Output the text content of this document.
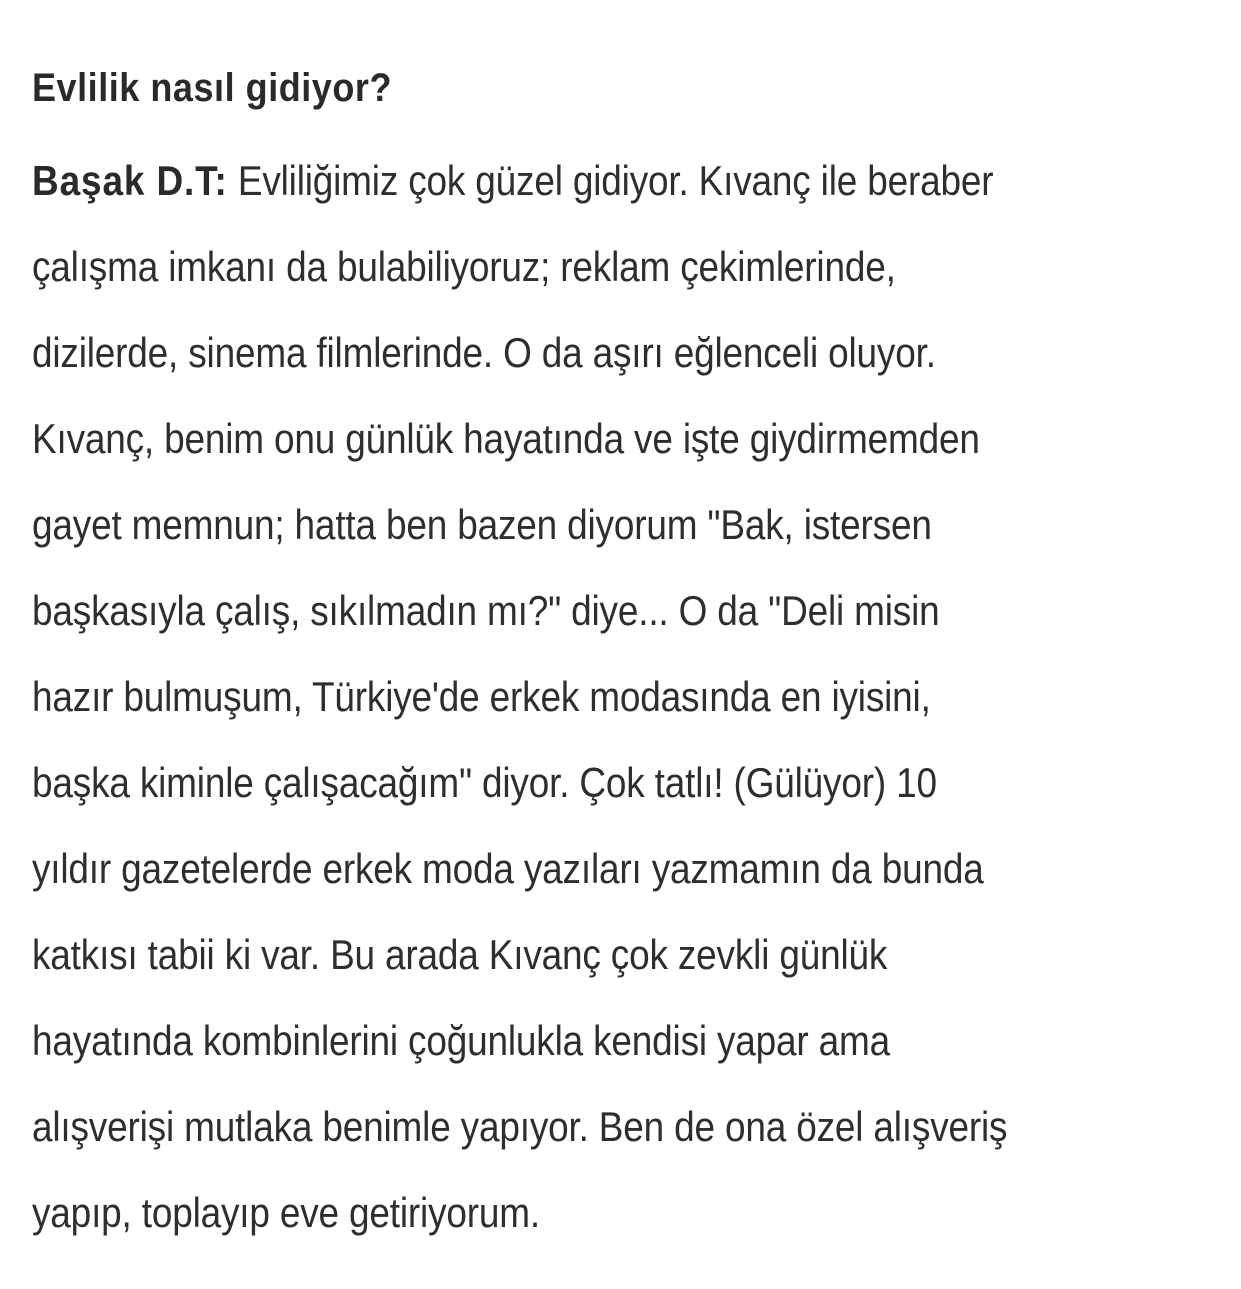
Evlilik nasıl gidiyor?
Başak D.T: Evliliğimiz çok güzel gidiyor. Kıvanç ile beraber
çalışma imkanı da bulabiliyoruz; reklam çekimlerinde,
dizilerde, sinema filmlerinde. O da aşırı eğlenceli oluyor.
Kıvanç, benim onu günlük hayatında ve işte giydirmemden
gayet memnun; hatta ben bazen diyorum "Bak, istersen
başkasıyla çalış, sıkılmadın mı?" diye... O da "Deli misin
hazır bulmuşum, Türkiye'de erkek modasında en iyisini,
başka kiminle çalışacağım" diyor. Çok tatlı! (Gülüyor) 10
yıldır gazetelerde erkek moda yazıları yazmamın da bunda
katkısı tabii ki var. Bu arada Kıvanç çok zevkli günlük
hayatında kombinlerini çoğunlukla kendisi yapar ama
alışverişi mutlaka benimle yapıyor. Ben de ona özel alışveriş
yapıp, toplayıp eve getiriyorum.
